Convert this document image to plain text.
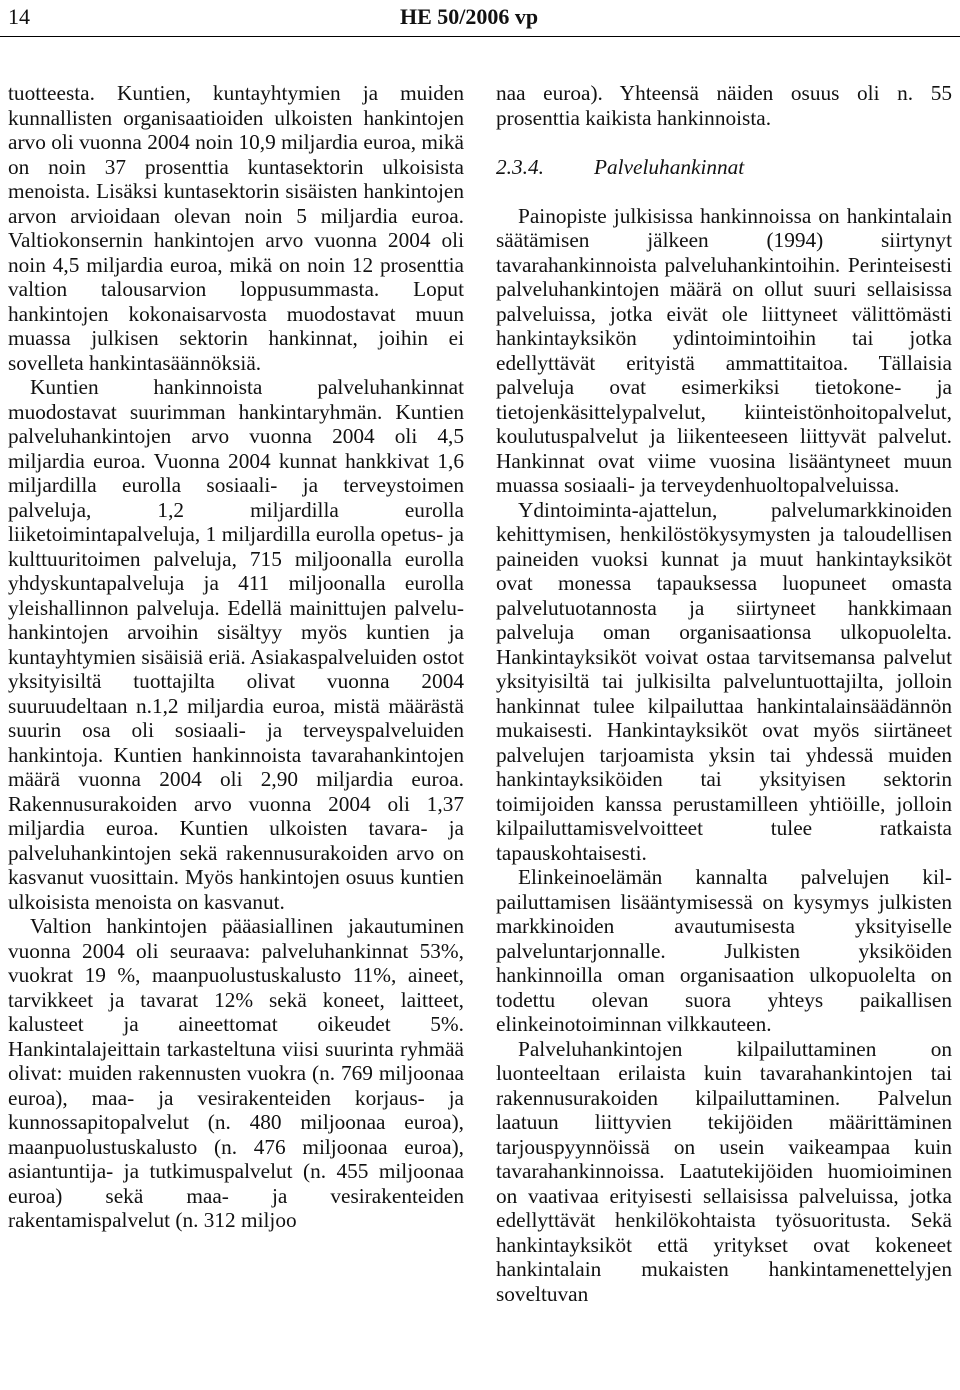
14	HE 50/2006 vp

tuotteesta. Kuntien, kuntayhtymien ja muiden kunnallisten organisaatioiden ulkoisten hankintojen arvo oli vuonna 2004 noin 10,9 miljardia euroa, mikä on noin 37 prosenttia kuntasektorin ulkoisista menoista. Lisäksi kuntasektorin sisäisten hankintojen arvon arvioidaan olevan noin 5 miljardia euroa. Valtiokonsernin hankintojen arvo vuonna 2004 oli noin 4,5 miljardia euroa, mikä on noin 12 prosenttia valtion talousarvion loppusummasta. Loput hankintojen kokonaisarvosta muodostavat muun muassa julkisen sektorin hankinnat, joihin ei sovelleta hankintasäännöksiä.

Kuntien hankinnoista palveluhankinnat muodostavat suurimman hankintaryhmän. Kuntien palveluhankintojen arvo vuonna 2004 oli 4,5 miljardia euroa. Vuonna 2004 kunnat hankkivat 1,6 miljardilla eurolla sosiaali- ja terveystoimen palveluja, 1,2 miljardilla eurolla liiketoimintapalveluja, 1 miljardilla eurolla opetus- ja kulttuuritoimen palveluja, 715 miljoonalla eurolla yhdyskuntapalveluja ja 411 miljoonalla eurolla yleishallinnon palveluja. Edellä mainittujen palveluhankintojen arvoihin sisältyy myös kuntien ja kuntayhtymien sisäisiä eriä. Asiakaspalveluiden ostot yksityisiltä tuottajilta olivat vuonna 2004 suuruudeltaan n.1,2 miljardia euroa, mistä määrästä suurin osa oli sosiaali- ja terveyspalveluiden hankintoja. Kuntien hankinnoista tavarahankintojen määrä vuonna 2004 oli 2,90 miljardia euroa. Rakennusurakoiden arvo vuonna 2004 oli 1,37 miljardia euroa. Kuntien ulkoisten tavara- ja palveluhankintojen sekä rakennusurakoiden arvo on kasvanut vuosittain. Myös hankintojen osuus kuntien ulkoisista menoista on kasvanut.

Valtion hankintojen pääasiallinen jakautuminen vuonna 2004 oli seuraava: palveluhankinnat 53%, vuokrat 19 %, maanpuolustuskalusto 11%, aineet, tarvikkeet ja tavarat 12% sekä koneet, laitteet, kalusteet ja aineettomat oikeudet 5%. Hankintalajeittain tarkasteltuna viisi suurinta ryhmää olivat: muiden rakennusten vuokra (n. 769 miljoonaa euroa), maa- ja vesirakenteiden korjaus- ja kunnossapitopalvelut (n. 480 miljoonaa euroa), maanpuolustuskalusto (n. 476 miljoonaa euroa), asiantuntija- ja tutkimuspalvelut (n. 455 miljoonaa euroa) sekä maa- ja vesirakenteiden rakentamispalvelut (n. 312 miljoo

naa euroa). Yhteensä näiden osuus oli n. 55 prosenttia kaikista hankinnoista.

2.3.4. Palveluhankinnat

Painopiste julkisissa hankinnoissa on hankintalain säätämisen jälkeen (1994) siirtynyt tavarahankinnoista palveluhankintoihin. Perinteisesti palveluhankintojen määrä on ollut suuri sellaisissa palveluissa, jotka eivät ole liittyneet välittömästi hankintayksikön ydintoimintoihin tai jotka edellyttävät erityistä ammattitaitoa. Tällaisia palveluja ovat esimerkiksi tietokone- ja tietojenkäsittelypalvelut, kiinteistönhoitopalvelut, koulutuspalvelut ja liikenteeseen liittyvät palvelut. Hankinnat ovat viime vuosina lisääntyneet muun muassa sosiaali- ja terveydenhuoltopalveluissa.

Ydintoiminta-ajattelun, palvelumarkkinoiden kehittymisen, henkilöstökysymysten ja taloudellisen paineiden vuoksi kunnat ja muut hankintayksiköt ovat monessa tapauksessa luopuneet omasta palvelutuotannosta ja siirtyneet hankkimaan palveluja oman organisaationsa ulkopuolelta. Hankintayksiköt voivat ostaa tarvitsemansa palvelut yksityisiltä tai julkisilta palveluntuottajilta, jolloin hankinnat tulee kilpailuttaa hankintalainsäädännön mukaisesti. Hankintayksiköt ovat myös siirtäneet palvelujen tarjoamista yksin tai yhdessä muiden hankintayksiköiden tai yksityisen sektorin toimijoiden kanssa perustamilleen yhtiöille, jolloin kilpailuttamisvelvoitteet tulee ratkaista tapauskohtaisesti.

Elinkeinoelämän kannalta palvelujen kilpailuttamisen lisääntymisessä on kysymys julkisten markkinoiden avautumisesta yksityiselle palveluntarjonnalle. Julkisten yksiköiden hankinnoilla oman organisaation ulkopuolelta on todettu olevan suora yhteys paikallisen elinkeinotoiminnan vilkkauteen.

Palveluhankintojen kilpailuttaminen on luonteeltaan erilaista kuin tavarahankintojen tai rakennusurakoiden kilpailuttaminen. Palvelun laatuun liittyvien tekijöiden määrittäminen tarjouspyynnöissä on usein vaikeampaa kuin tavarahankinnoissa. Laatutekijöiden huomioiminen on vaativaa erityisesti sellaisissa palveluissa, jotka edellyttävät henkilökohtaista työsuoritusta. Sekä hankintayksiköt että yritykset ovat kokeneet hankintalain mukaisten hankintamenettelyjen soveltuvan
